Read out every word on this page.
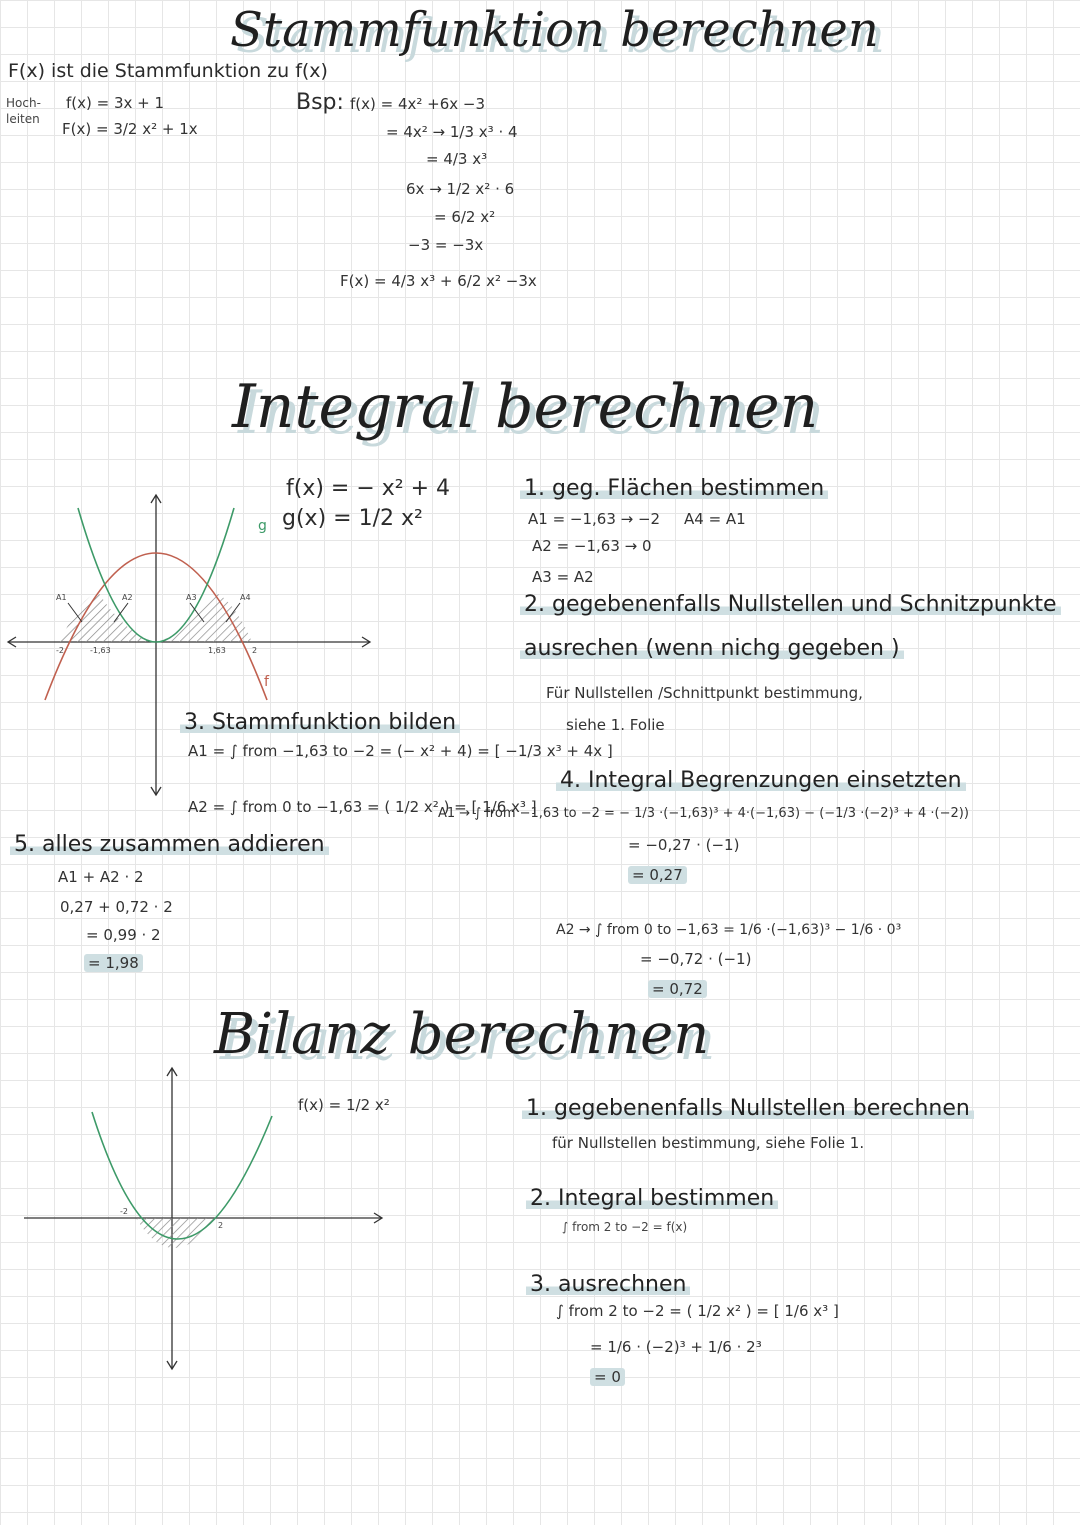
Stammfunktion berechnen
F(x) ist die Stammfunktion zu f(x)
Hoch-
leiten
f(x) = 3x + 1
F(x) = 3/2 x² + 1x
Bsp: f(x) = 4x² +6x −3
= 4x² → 1/3 x³ · 4
= 4/3 x³
6x → 1/2 x² · 6
= 6/2 x²
−3 = −3x
F(x) = 4/3 x³ + 6/2 x² −3x
Integral berechnen
f(x) = − x² + 4
g(x) = 1/2 x²
A1	A2	A3	A4
-2	-1,63	1,63	2
g
f
1. geg. Flächen bestimmen
A1 = −1,63 → −2 A4 = A1
A2 = −1,63 → 0
A3 = A2
2. gegebenenfalls Nullstellen und Schnitzpunkte
ausrechen (wenn nichg gegeben )
Für Nullstellen /Schnittpunkt bestimmung,
siehe 1. Folie
3. Stammfunktion bilden
A1 = ∫ from −1,63 to −2 = (− x² + 4) = [ −1/3 x³ + 4x ]
A2 = ∫ from 0 to −1,63 = ( 1/2 x² ) = [ 1/6 x³ ]
4. Integral Begrenzungen einsetzten
A1 → ∫ from −1,63 to −2 = − 1/3 ·(−1,63)³ + 4·(−1,63) − (−1/3 ·(−2)³ + 4 ·(−2))
= −0,27 · (−1)
= 0,27
A2 → ∫ from 0 to −1,63 = 1/6 ·(−1,63)³ − 1/6 · 0³
= −0,72 · (−1)
= 0,72
5. alles zusammen addieren
A1 + A2 · 2
0,27 + 0,72 · 2
= 0,99 · 2
= 1,98
Bilanz berechnen
f(x) = 1/2 x²
-2
2
1. gegebenenfalls Nullstellen berechnen
für Nullstellen bestimmung, siehe Folie 1.
2. Integral bestimmen
∫ from 2 to −2 = f(x)
3. ausrechnen
∫ from 2 to −2 = ( 1/2 x² ) = [ 1/6 x³ ]
= 1/6 · (−2)³ + 1/6 · 2³
= 0
